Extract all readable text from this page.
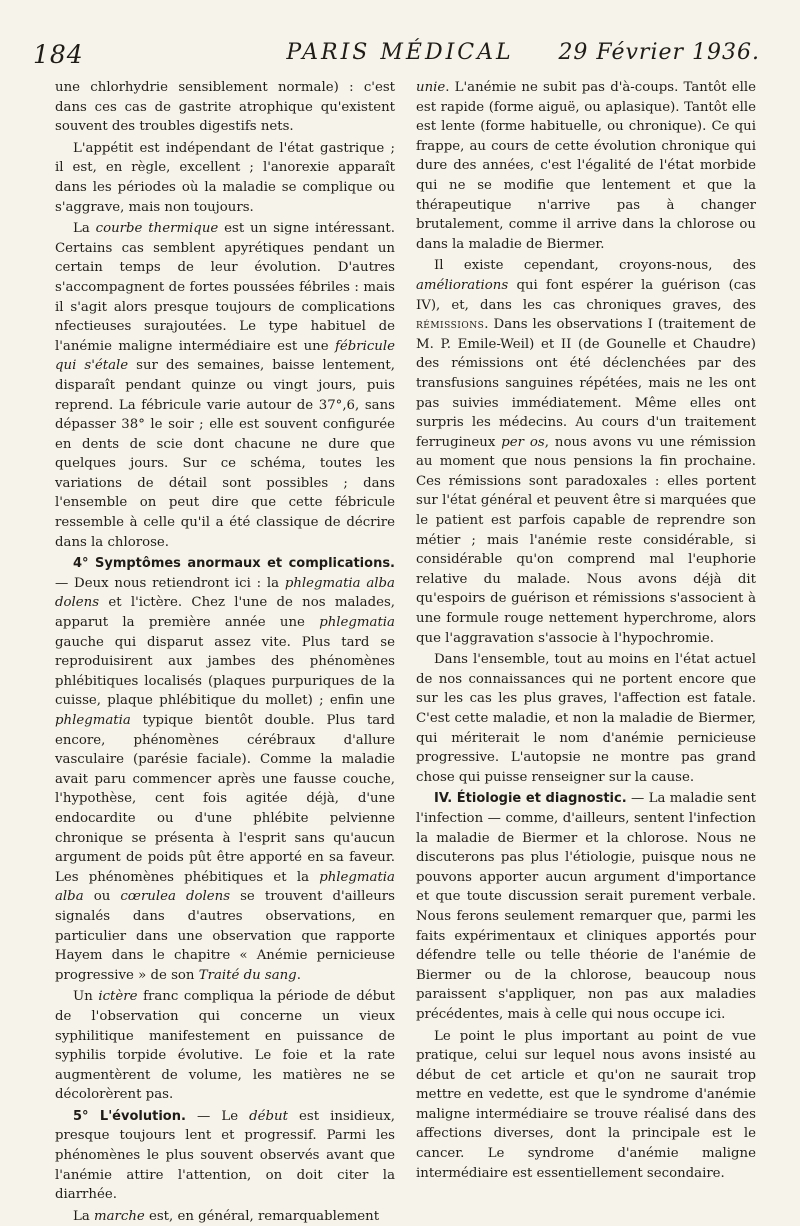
184	PARIS MÉDICAL	29 Février 1936.

une chlorhydrie sensiblement normale) : c'est dans ces cas de gastrite atrophique qu'existent souvent des troubles digestifs nets.

L'appétit est indépendant de l'état gastrique ; il est, en règle, excellent ; l'anorexie apparaît dans les périodes où la maladie se complique ou s'aggrave, mais non toujours.

La courbe thermique est un signe intéressant. Certains cas semblent apyrétiques pendant un certain temps de leur évolution. D'autres s'accompagnent de fortes poussées fébriles : mais il s'agit alors presque toujours de complications nfectieuses surajoutées. Le type habituel de l'anémie maligne intermédiaire est une fébricule qui s'étale sur des semaines, baisse lentement, disparaît pendant quinze ou vingt jours, puis reprend. La fébricule varie autour de 37°,6, sans dépasser 38° le soir ; elle est souvent configurée en dents de scie dont chacune ne dure que quelques jours. Sur ce schéma, toutes les variations de détail sont possibles ; dans l'ensemble on peut dire que cette fébricule ressemble à celle qu'il a été classique de décrire dans la chlorose.

4° Symptômes anormaux et complications. — Deux nous retiendront ici : la phlegmatia alba dolens et l'ictère. Chez l'une de nos malades, apparut la première année une phlegmatia gauche qui disparut assez vite. Plus tard se reproduisirent aux jambes des phénomènes phlébitiques localisés (plaques purpuriques de la cuisse, plaque phlébitique du mollet) ; enfin une phlegmatia typique bientôt double. Plus tard encore, phénomènes cérébraux d'allure vasculaire (parésie faciale). Comme la maladie avait paru commencer après une fausse couche, l'hypothèse, cent fois agitée déjà, d'une endocardite ou d'une phlébite pelvienne chronique se présenta à l'esprit sans qu'aucun argument de poids pût être apporté en sa faveur. Les phénomènes phébitiques et la phlegmatia alba ou cœrulea dolens se trouvent d'ailleurs signalés dans d'autres observations, en particulier dans une observation que rapporte Hayem dans le chapitre « Anémie pernicieuse progressive » de son Traité du sang.

Un ictère franc compliqua la période de début de l'observation qui concerne un vieux syphilitique manifestement en puissance de syphilis torpide évolutive. Le foie et la rate augmentèrent de volume, les matières ne se décolorèrent pas.

5° L'évolution. — Le début est insidieux, presque toujours lent et progressif. Parmi les phénomènes le plus souvent observés avant que l'anémie attire l'attention, on doit citer la diarrhée.

La marche est, en général, remarquablement

unie. L'anémie ne subit pas d'à-coups. Tantôt elle est rapide (forme aiguë, ou aplasique). Tantôt elle est lente (forme habituelle, ou chronique). Ce qui frappe, au cours de cette évolution chronique qui dure des années, c'est l'égalité de l'état morbide qui ne se modifie que lentement et que la thérapeutique n'arrive pas à changer brutalement, comme il arrive dans la chlorose ou dans la maladie de Biermer.

Il existe cependant, croyons-nous, des améliorations qui font espérer la guérison (cas IV), et, dans les cas chroniques graves, des rémissions. Dans les observations I (traitement de M. P. Emile-Weil) et II (de Gounelle et Chaudre) des rémissions ont été déclenchées par des transfusions sanguines répétées, mais ne les ont pas suivies immédiatement. Même elles ont surpris les médecins. Au cours d'un traitement ferrugineux per os, nous avons vu une rémission au moment que nous pensions la fin prochaine. Ces rémissions sont paradoxales : elles portent sur l'état général et peuvent être si marquées que le patient est parfois capable de reprendre son métier ; mais l'anémie reste considérable, si considérable qu'on comprend mal l'euphorie relative du malade. Nous avons déjà dit qu'espoirs de guérison et rémissions s'associent à une formule rouge nettement hyperchrome, alors que l'aggravation s'associe à l'hypochromie.

Dans l'ensemble, tout au moins en l'état actuel de nos connaissances qui ne portent encore que sur les cas les plus graves, l'affection est fatale. C'est cette maladie, et non la maladie de Biermer, qui mériterait le nom d'anémie pernicieuse progressive. L'autopsie ne montre pas grand chose qui puisse renseigner sur la cause.

IV. Étiologie et diagnostic. — La maladie sent l'infection — comme, d'ailleurs, sentent l'infection la maladie de Biermer et la chlorose. Nous ne discuterons pas plus l'étiologie, puisque nous ne pouvons apporter aucun argument d'importance et que toute discussion serait purement verbale. Nous ferons seulement remarquer que, parmi les faits expérimentaux et cliniques apportés pour défendre telle ou telle théorie de l'anémie de Biermer ou de la chlorose, beaucoup nous paraissent s'appliquer, non pas aux maladies précédentes, mais à celle qui nous occupe ici.

Le point le plus important au point de vue pratique, celui sur lequel nous avons insisté au début de cet article et qu'on ne saurait trop mettre en vedette, est que le syndrome d'anémie maligne intermédiaire se trouve réalisé dans des affections diverses, dont la principale est le cancer. Le syndrome d'anémie maligne intermédiaire est essentiellement secondaire.
